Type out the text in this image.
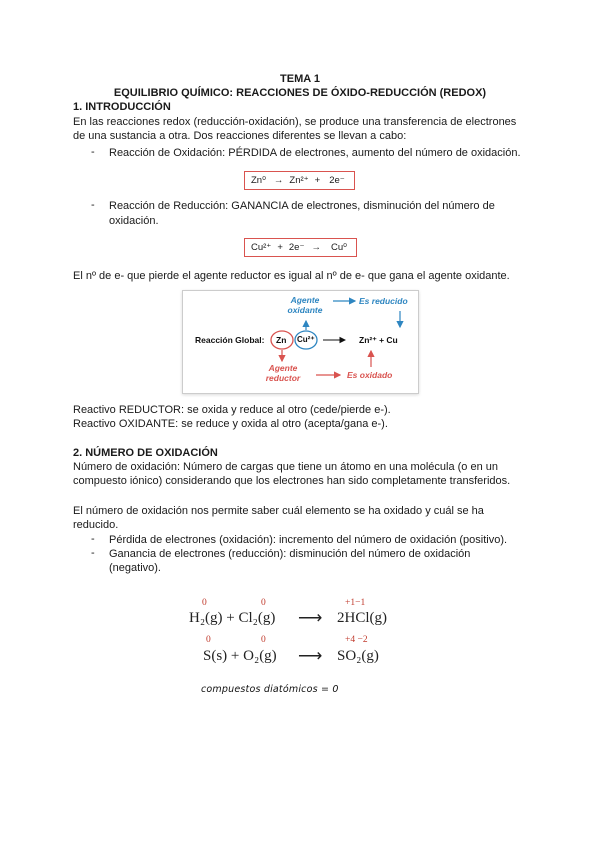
TEMA 1
EQUILIBRIO QUÍMICO: REACCIONES DE ÓXIDO-REDUCCIÓN (REDOX)
1. INTRODUCCIÓN
En las reacciones redox (reducción-oxidación), se produce una transferencia de electrones
de una sustancia a otra. Dos reacciones diferentes se llevan a cabo:
- Reacción de Oxidación: PÉRDIDA de electrones, aumento del número de oxidación.
Zn⁰ → Zn²⁺ + 2e⁻
- Reacción de Reducción: GANANCIA de electrones, disminución del número de
oxidación.
Cu²⁺ + 2e⁻ → Cu⁰
El nº de e- que pierde el agente reductor es igual al nº de e- que gana el agente oxidante.
Agente
oxidante
Es reducido
Reacción Global: Zn Cu²⁺	Zn²⁺ + Cu
Agente
reductor	Es oxidado
Reactivo REDUCTOR: se oxida y reduce al otro (cede/pierde e-).
Reactivo OXIDANTE: se reduce y oxida al otro (acepta/gana e-).
2. NÚMERO DE OXIDACIÓN
Número de oxidación: Número de cargas que tiene un átomo en una molécula (o en un
compuesto iónico) considerando que los electrones han sido completamente transferidos.
El número de oxidación nos permite saber cuál elemento se ha oxidado y cuál se ha
reducido.
- Pérdida de electrones (oxidación): incremento del número de oxidación (positivo).
- Ganancia de electrones (reducción): disminución del número de oxidación
(negativo).
0	0	+1−1
H₂(g) + Cl₂(g) ⟶ 2HCl(g)
0	0	+4 −2
S(s) + O₂(g) ⟶ SO₂(g)
compuestos diatómicos = 0
